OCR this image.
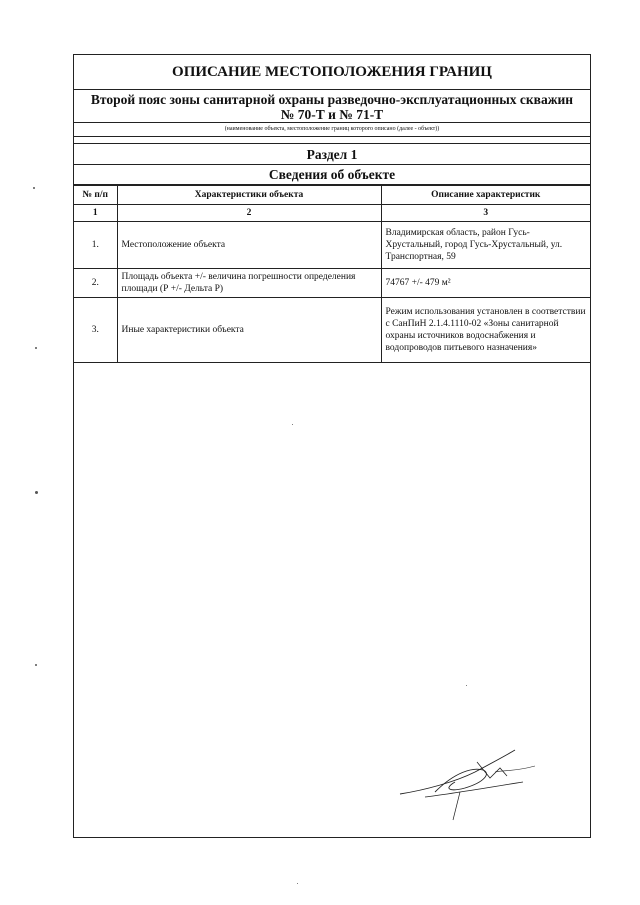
ОПИСАНИЕ МЕСТОПОЛОЖЕНИЯ ГРАНИЦ
Второй пояс зоны санитарной охраны разведочно-эксплуатационных скважин
№ 70-Т и № 71-Т
(наименование объекта, местоположение границ которого описано (далее - объект))
Раздел 1
Сведения об объекте
№ п/п	Характеристики объекта	Описание характеристик
1	2	3
1.	Местоположение объекта	Владимирская область, район Гусь-Хрустальный, город Гусь-Хрустальный, ул. Транспортная, 59

2.	Площадь объекта +/- величина погрешности определения площади (Р +/- Дельта Р)	74767 +/- 479 м²
3.	Иные характеристики объекта	Режим использования установлен в соответствии с СанПиН 2.1.4.1110-02 «Зоны санитарной охраны источников водоснабжения и водопроводов питьевого назначения»
